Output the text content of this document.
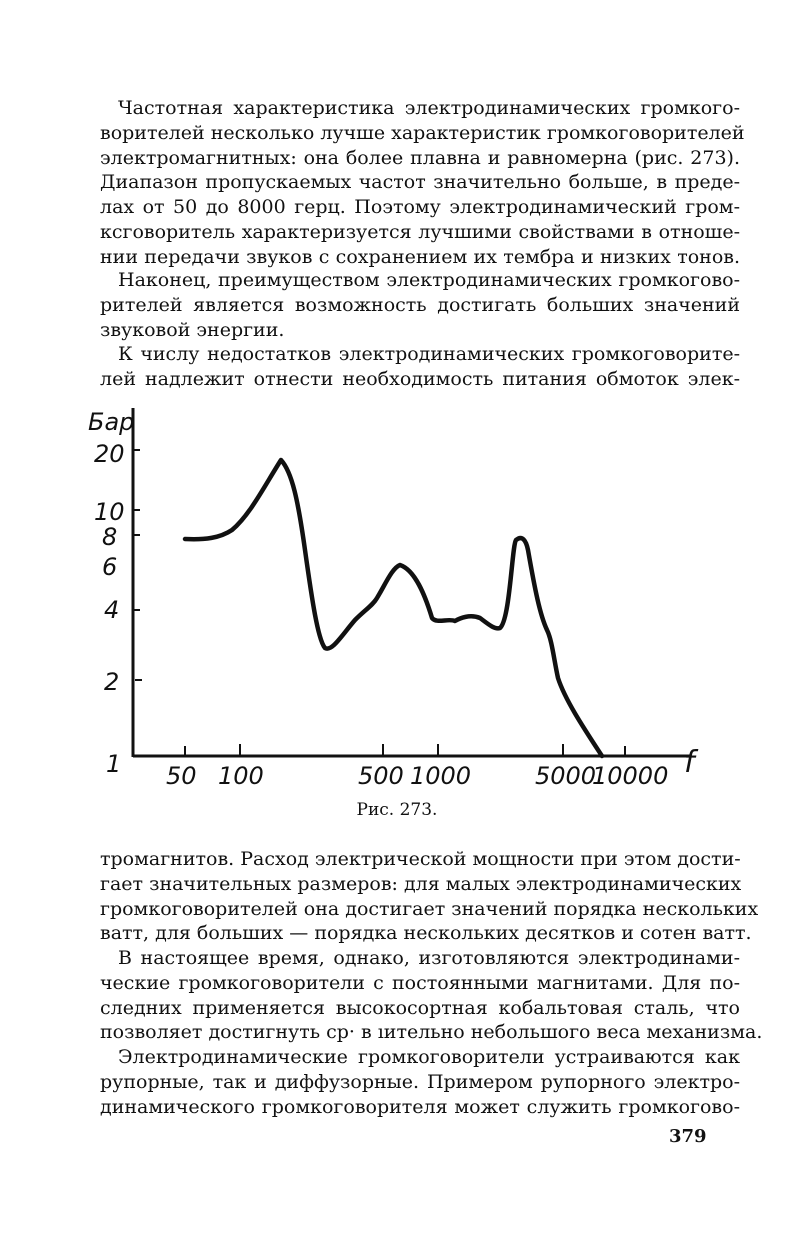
Частотная характеристика электродинамических громкого-
ворителей несколько лучше характеристик громкоговорителей
электромагнитных: она более плавна и равномерна (рис. 273).
Диапазон пропускаемых частот значительно больше, в преде-
лах от 50 до 8000 герц. Поэтому электродинамический гром-
ксговоритель характеризуется лучшими свойствами в отноше-
нии передачи звуков с сохранением их тембра и низких тонов.
Наконец, преимуществом электродинамических громкогово-
рителей является возможность достигать больших значений
звуковой энергии.
К числу недостатков электродинамических громкоговорите-
лей надлежит отнести необходимость питания обмоток элек-
Бар
20
10
8
6
4
2
1 50 100	500 1000	5000
10000 f
Рис. 273.
тромагнитов. Расход электрической мощности при этом дости-
гает значительных размеров: для малых электродинамических
громкоговорителей она достигает значений порядка нескольких
ватт, для больших — порядка нескольких десятков и сотен ватт.
В настоящее время, однако, изготовляются электродинами-
ческие громкоговорители с постоянными магнитами. Для по-
следних применяется высокосортная кобальтовая сталь, что
позволяет достигнуть ср· в ıительно небольшого веса механизма.
Электродинамические громкоговорители устраиваются как
рупорные, так и диффузорные. Примером рупорного электро-
динамического громкоговорителя может служить громкогово-
379
